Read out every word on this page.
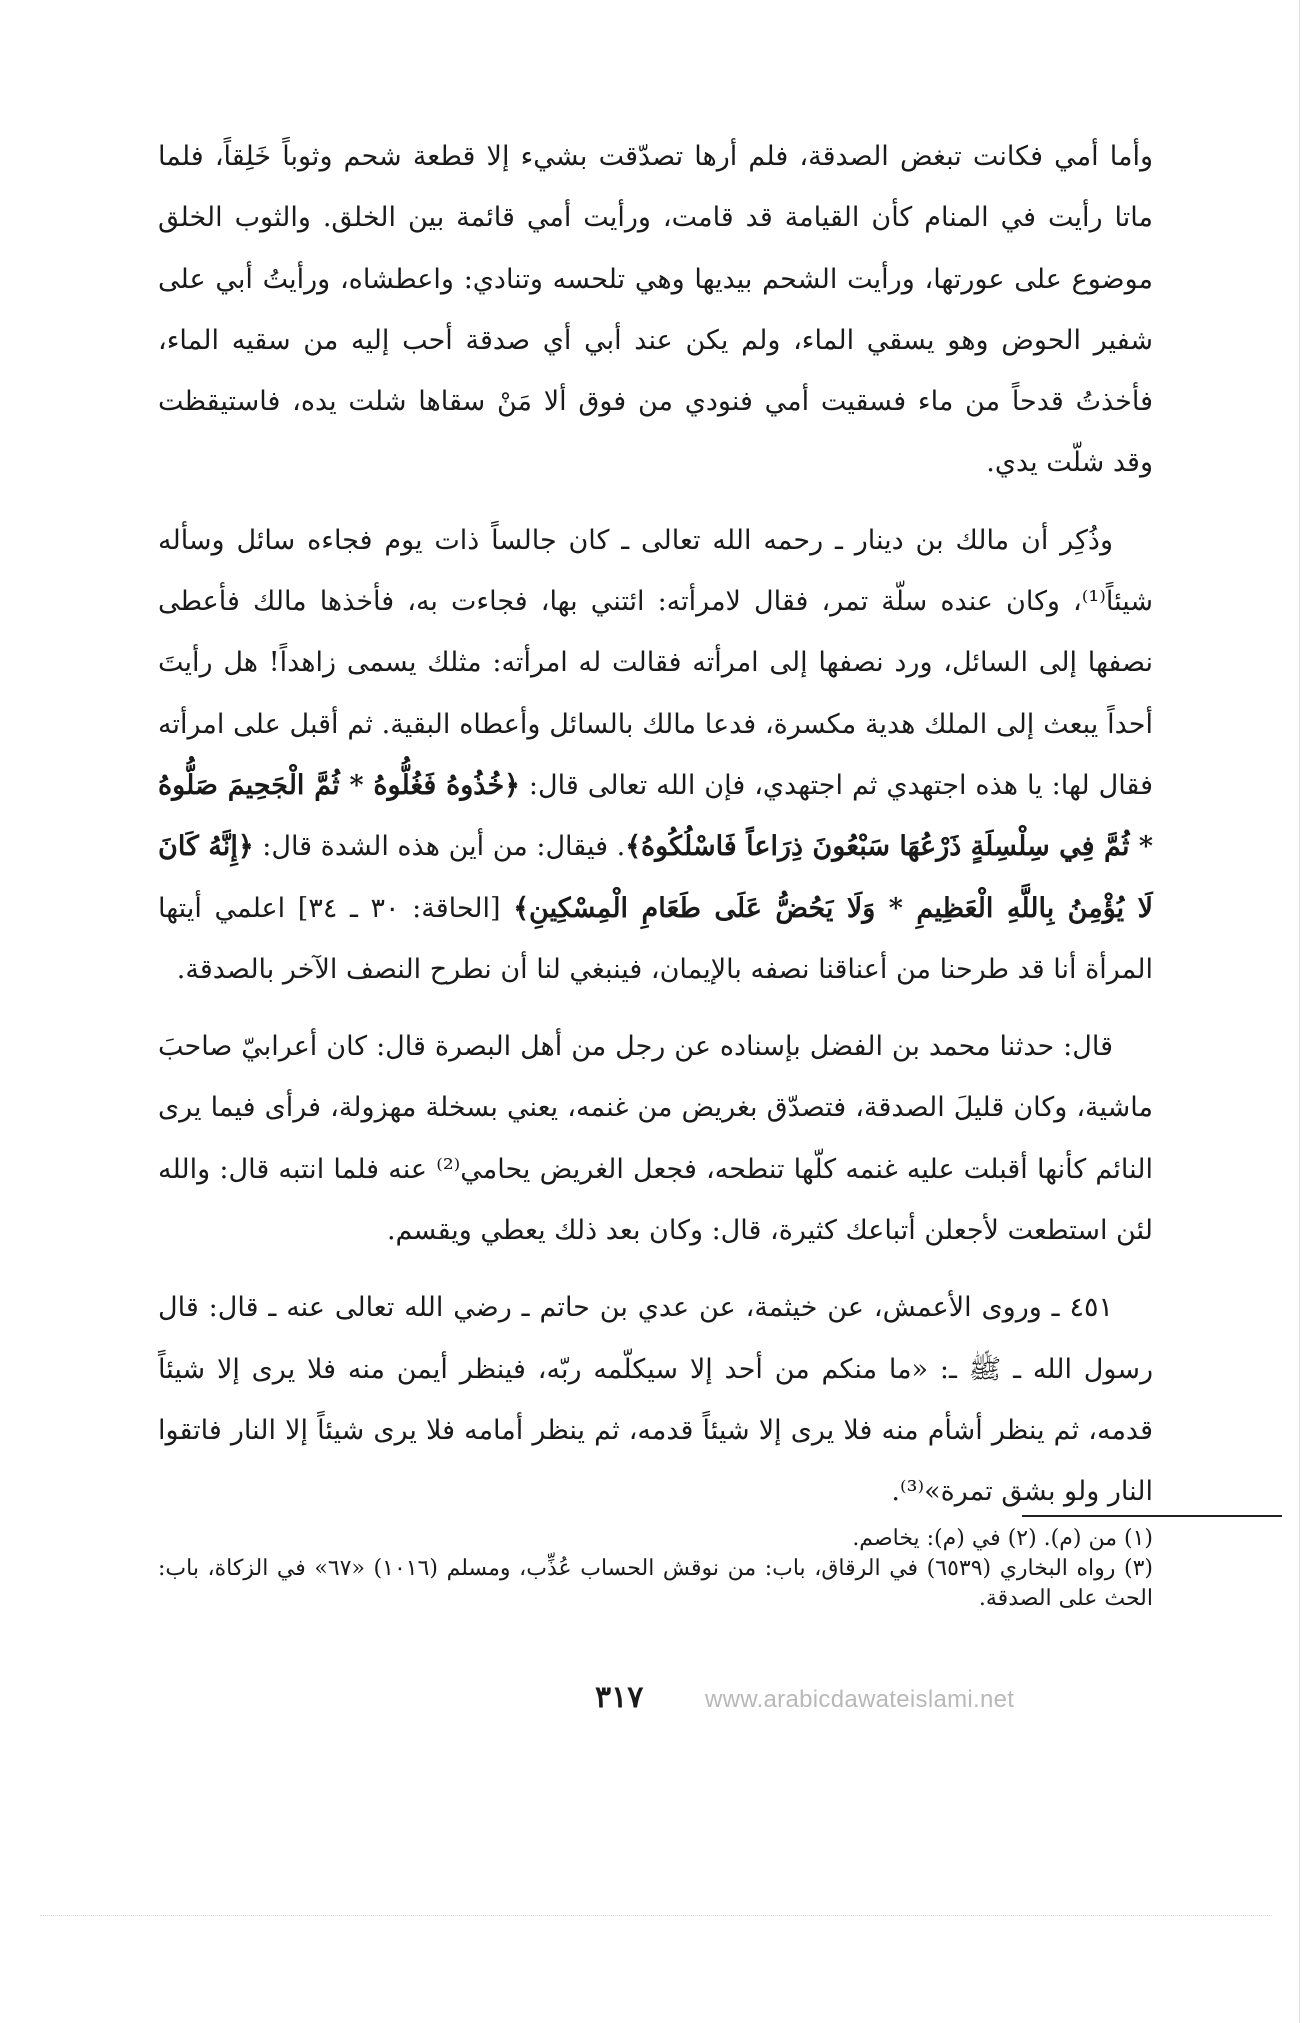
وأما أمي فكانت تبغض الصدقة، فلم أرها تصدّقت بشيء إلا قطعة شحم وثوباً خَلِقاً، فلما ماتا رأيت في المنام كأن القيامة قد قامت، ورأيت أمي قائمة بين الخلق. والثوب الخلق موضوع على عورتها، ورأيت الشحم بيديها وهي تلحسه وتنادي: واعطشاه، ورأيتُ أبي على شفير الحوض وهو يسقي الماء، ولم يكن عند أبي أي صدقة أحب إليه من سقيه الماء، فأخذتُ قدحاً من ماء فسقيت أمي فنودي من فوق ألا مَنْ سقاها شلت يده، فاستيقظت وقد شلّت يدي.

وذُكِر أن مالك بن دينار ـ رحمه الله تعالى ـ كان جالساً ذات يوم فجاءه سائل وسأله شيئاً⁽¹⁾، وكان عنده سلّة تمر، فقال لامرأته: ائتني بها، فجاءت به، فأخذها مالك فأعطى نصفها إلى السائل، ورد نصفها إلى امرأته فقالت له امرأته: مثلك يسمى زاهداً! هل رأيتَ أحداً يبعث إلى الملك هدية مكسرة، فدعا مالك بالسائل وأعطاه البقية. ثم أقبل على امرأته فقال لها: يا هذه اجتهدي ثم اجتهدي، فإن الله تعالى قال: ﴿خُذُوهُ فَغُلُّوهُ * ثُمَّ الْجَحِيمَ صَلُّوهُ * ثُمَّ فِي سِلْسِلَةٍ ذَرْعُهَا سَبْعُونَ ذِرَاعاً فَاسْلُكُوهُ﴾. فيقال: من أين هذه الشدة قال: ﴿إِنَّهُ كَانَ لَا يُؤْمِنُ بِاللَّهِ الْعَظِيمِ * وَلَا يَحُضُّ عَلَى طَعَامِ الْمِسْكِينِ﴾ [الحاقة: ٣٠ ـ ٣٤] اعلمي أيتها المرأة أنا قد طرحنا من أعناقنا نصفه بالإيمان، فينبغي لنا أن نطرح النصف الآخر بالصدقة.

قال: حدثنا محمد بن الفضل بإسناده عن رجل من أهل البصرة قال: كان أعرابيّ صاحبَ ماشية، وكان قليلَ الصدقة، فتصدّق بغريض من غنمه، يعني بسخلة مهزولة، فرأى فيما يرى النائم كأنها أقبلت عليه غنمه كلّها تنطحه، فجعل الغريض يحامي⁽²⁾ عنه فلما انتبه قال: والله لئن استطعت لأجعلن أتباعك كثيرة، قال: وكان بعد ذلك يعطي ويقسم.

٤٥١ ـ وروى الأعمش، عن خيثمة، عن عدي بن حاتم ـ رضي الله تعالى عنه ـ قال: قال رسول الله ـ ﷺ ـ: «ما منكم من أحد إلا سيكلّمه ربّه، فينظر أيمن منه فلا يرى إلا شيئاً قدمه، ثم ينظر أشأم منه فلا يرى إلا شيئاً قدمه، ثم ينظر أمامه فلا يرى شيئاً إلا النار فاتقوا النار ولو بشق تمرة»⁽³⁾.

(١) من (م). (٢) في (م): يخاصم.
(٣) رواه البخاري (٦٥٣٩) في الرقاق، باب: من نوقش الحساب عُذِّب، ومسلم (١٠١٦) «٦٧» في الزكاة، باب: الحث على الصدقة.

٣١٧	www.arabicdawateislami.net
